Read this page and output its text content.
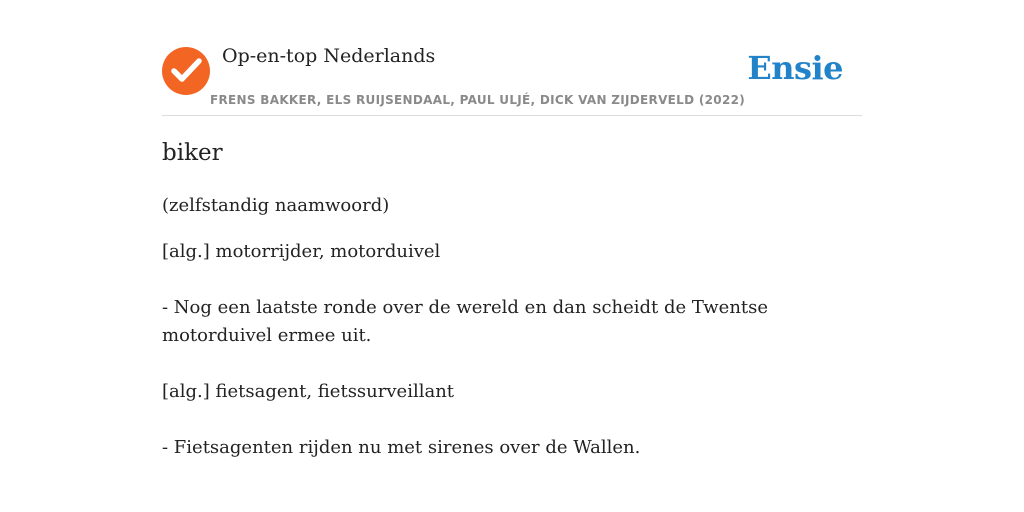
Op-en-top Nederlands	Ensie
FRENS BAKKER, ELS RUIJSENDAAL, PAUL ULJÉ, DICK VAN ZIJDERVELD (2022)
biker
(zelfstandig naamwoord)

[alg.] motorrijder, motorduivel

- Nog een laatste ronde over de wereld en dan scheidt de Twentse motorduivel ermee uit.

[alg.] fietsagent, fietssurveillant

- Fietsagenten rijden nu met sirenes over de Wallen.
